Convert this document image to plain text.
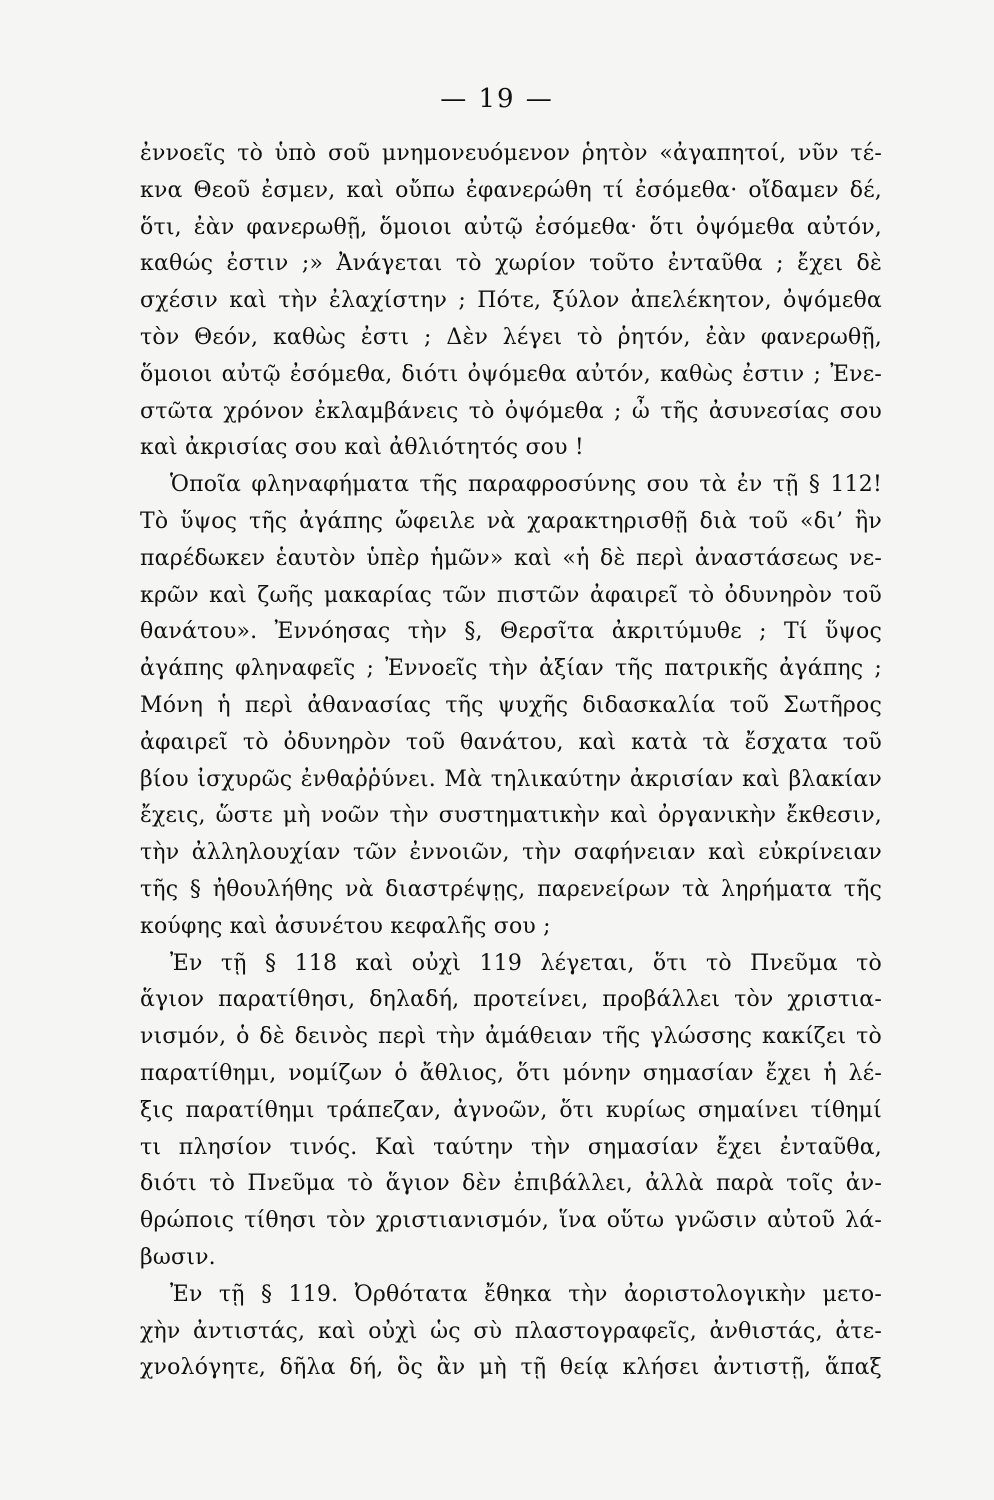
— 19 —
ἐννοεῖς τὸ ὑπὸ σοῦ μνημονευόμενον ῥητὸν «ἀγαπητοί, νῦν τέ-
κνα Θεοῦ ἐσμεν, καὶ οὔπω ἐφανερώθη τί ἐσόμεθα· οἴδαμεν δέ,
ὅτι, ἐὰν φανερωθῇ, ὅμοιοι αὐτῷ ἐσόμεθα· ὅτι ὀψόμεθα αὐτόν,
καθώς ἐστιν ;» Ἀνάγεται τὸ χωρίον τοῦτο ἐνταῦθα ; ἔχει δὲ
σχέσιν καὶ τὴν ἐλαχίστην ; Πότε, ξύλον ἀπελέκητον, ὀψόμεθα
τὸν Θεόν, καθὼς ἐστι ; Δὲν λέγει τὸ ῥητόν, ἐὰν φανερωθῇ,
ὅμοιοι αὐτῷ ἐσόμεθα, διότι ὀψόμεθα αὐτόν, καθὼς ἐστιν ; Ἐνε-
στῶτα χρόνον ἐκλαμβάνεις τὸ ὀψόμεθα ; ὦ τῆς ἀσυνεσίας σου
καὶ ἀκρισίας σου καὶ ἀθλιότητός σου !
Ὁποῖα φληναφήματα τῆς παραφροσύνης σου τὰ ἐν τῇ § 112!
Τὸ ὕψος τῆς ἀγάπης ὤφειλε νὰ χαρακτηρισθῇ διὰ τοῦ «δι’ ἣν
παρέδωκεν ἑαυτὸν ὑπὲρ ἡμῶν» καὶ «ἡ δὲ περὶ ἀναστάσεως νε-
κρῶν καὶ ζωῆς μακαρίας τῶν πιστῶν ἀφαιρεῖ τὸ ὀδυνηρὸν τοῦ
θανάτου». Ἐννόησας τὴν §, Θερσῖτα ἀκριτύμυθε ; Τί ὕψος
ἀγάπης φληναφεῖς ; Ἐννοεῖς τὴν ἀξίαν τῆς πατρικῆς ἀγάπης ;
Μόνη ἡ περὶ ἀθανασίας τῆς ψυχῆς διδασκαλία τοῦ Σωτῆρος
ἀφαιρεῖ τὸ ὀδυνηρὸν τοῦ θανάτου, καὶ κατὰ τὰ ἔσχατα τοῦ
βίου ἰσχυρῶς ἐνθαῤῥύνει. Μὰ τηλικαύτην ἀκρισίαν καὶ βλακίαν
ἔχεις, ὥστε μὴ νοῶν τὴν συστηματικὴν καὶ ὀργανικὴν ἔκθεσιν,
τὴν ἀλληλουχίαν τῶν ἐννοιῶν, τὴν σαφήνειαν καὶ εὐκρίνειαν
τῆς § ἠθουλήθης νὰ διαστρέψῃς, παρενείρων τὰ ληρήματα τῆς
κούφης καὶ ἀσυνέτου κεφαλῆς σου ;
Ἐν τῇ § 118 καὶ οὐχὶ 119 λέγεται, ὅτι τὸ Πνεῦμα τὸ
ἅγιον παρατίθησι, δηλαδή, προτείνει, προβάλλει τὸν χριστια-
νισμόν, ὁ δὲ δεινὸς περὶ τὴν ἀμάθειαν τῆς γλώσσης κακίζει τὸ
παρατίθημι, νομίζων ὁ ἄθλιος, ὅτι μόνην σημασίαν ἔχει ἡ λέ-
ξις παρατίθημι τράπεζαν, ἀγνοῶν, ὅτι κυρίως σημαίνει τίθημί
τι πλησίον τινός. Καὶ ταύτην τὴν σημασίαν ἔχει ἐνταῦθα,
διότι τὸ Πνεῦμα τὸ ἅγιον δὲν ἐπιβάλλει, ἀλλὰ παρὰ τοῖς ἀν-
θρώποις τίθησι τὸν χριστιανισμόν, ἵνα οὕτω γνῶσιν αὐτοῦ λά-
βωσιν.
Ἐν τῇ § 119. Ὀρθότατα ἔθηκα τὴν ἀοριστολογικὴν μετο-
χὴν ἀντιστάς, καὶ οὐχὶ ὡς σὺ πλαστογραφεῖς, ἀνθιστάς, ἀτε-
χνολόγητε, δῆλα δή, ὃς ἂν μὴ τῇ θείᾳ κλήσει ἀντιστῇ, ἅπαξ
